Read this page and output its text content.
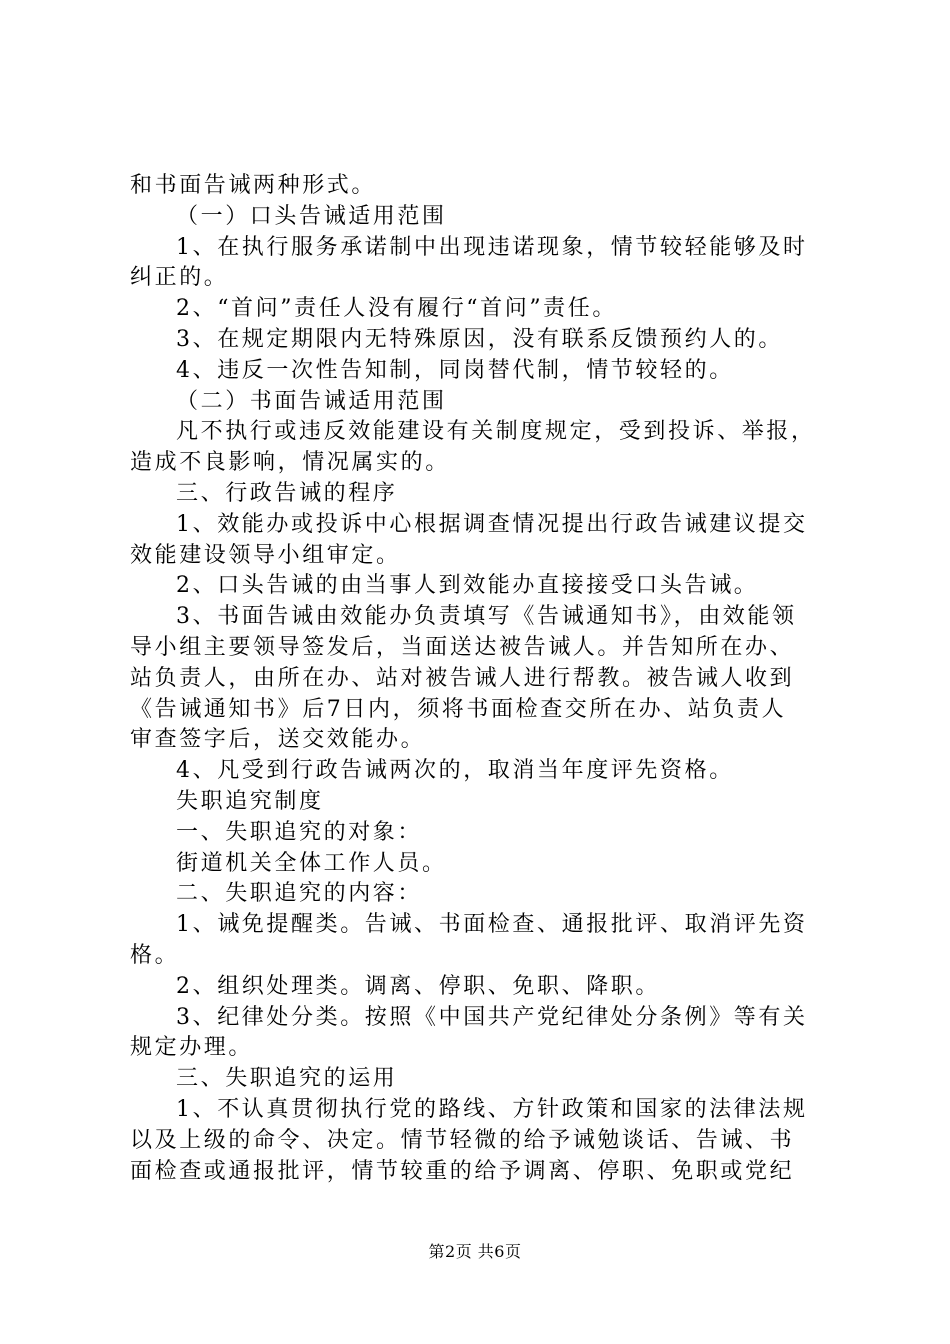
和书面告诫两种形式。
（一）口头告诫适用范围
1、在执行服务承诺制中出现违诺现象，情节较轻能够及时
纠正的。
2、“首问”责任人没有履行“首问”责任。
3、在规定期限内无特殊原因，没有联系反馈预约人的。
4、违反一次性告知制，同岗替代制，情节较轻的。
（二）书面告诫适用范围
凡不执行或违反效能建设有关制度规定，受到投诉、举报，
造成不良影响，情况属实的。
三、行政告诫的程序
1、效能办或投诉中心根据调查情况提出行政告诫建议提交
效能建设领导小组审定。
2、口头告诫的由当事人到效能办直接接受口头告诫。
3、书面告诫由效能办负责填写《告诫通知书》，由效能领
导小组主要领导签发后，当面送达被告诫人。并告知所在办、
站负责人，由所在办、站对被告诫人进行帮教。被告诫人收到
《告诫通知书》后7日内，须将书面检查交所在办、站负责人
审查签字后，送交效能办。
4、凡受到行政告诫两次的，取消当年度评先资格。
失职追究制度
一、失职追究的对象：
街道机关全体工作人员。
二、失职追究的内容：
1、诫免提醒类。告诫、书面检查、通报批评、取消评先资
格。
2、组织处理类。调离、停职、免职、降职。
3、纪律处分类。按照《中国共产党纪律处分条例》等有关
规定办理。
三、失职追究的运用
1、不认真贯彻执行党的路线、方针政策和国家的法律法规
以及上级的命令、决定。情节轻微的给予诫勉谈话、告诫、书
面检查或通报批评，情节较重的给予调离、停职、免职或党纪
第2页 共6页
